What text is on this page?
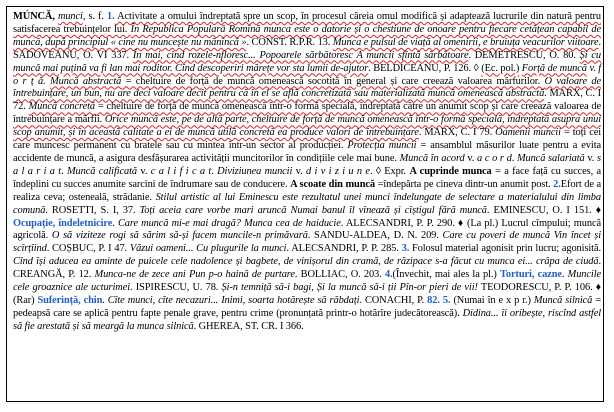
MÚNCĂ, munci, s. f. 1. Activitate a omului îndreptată spre un scop, în procesul căreia omul modifică și adaptează lucrurile din natură pentru satisfacerea trebuințelor lui. În Republica Populară Romînă munca este o datorie și o chestiune de onoare pentru fiecare cetățean capabil de muncă, după principiul « cine nu muncește nu mănîncă ». CONST. R.P.R. 13. Munca e pulsul de viață al omenirii, e bruiuța veacurilor viitoare. SADOVEANU, O. VI 337. În mai, cînd rozele-nfloresc... Popoarele sărbătoresc A muncii sfîntă sărbătoare. DEMETRESCU, O. 80. Și cu muncă mai puțină va fi lan mai roditor. Cînd descoperiri mărețe vor sta lumii de-ajutor. BELDICEANU, P. 126. ◊ (Ec. pol.) Forță de muncă v. f o r ț ă. Muncă abstractă = cheltuire de forță de muncă omenească socotită în general și care creează valoarea mărfurilor. O valoare de întrebuințare, un bun, nu are deci valoare decît pentru că în el se află concretizată sau materializată muncă omenească abstractă. MARX, C. I 72. Muncă concretă = cheltuire de forță de muncă omenească într-o formă specială, îndreptată către un anumit scop și care creează valoarea de întrebuințare a mărfii. Orice muncă este, pe de altă parte, cheltuire de forță de muncă omenească într-o formă specială, îndreptată asupra unui scop anumit, și în această calitate a ei de muncă utilă concretă ea produce valori de întrebuințare. MARX, C. I 79. Oamenii muncii = toți cei care muncesc permanent cu bratele sau cu mintea într-un sector al producției. Protecția muncii = ansamblul măsurilor luate pentru a evita accidente de muncă, a asigura desfășurarea activității muncitorilor în condițiile cele mai bune. Muncă în acord v. a c o r d. Muncă salariată v. s a l a r i a t. Muncă calificată v. c a l i f i c a t. Diviziunea muncii v. d i v i z i u n e. ◊ Expr. A cuprinde munca = a face față cu succes, a îndeplini cu succes anumite sarcini de îndrumare sau de conducere. A scoate din muncă =îndepărta pe cineva dintr-un anumit post. 2.Efort de a realiza ceva; osteneală, strădanie. Stilul artistic al lui Eminescu este rezultatul unei munci îndelungate de selectare a materialului din limba comună. ROSETTI, S. I, 37. Toți aceia care vorbe mari aruncă Numai banul îl vînează și cîștigul fără muncă. EMINESCU, O. I 151. ♦ Ocupație, îndeletnicire. Care muncă mi-e mai dragă? Munca cea de haiducie. ALECSANDRI, P. P. 290. ♦ (La pl.) Lucrul cîmpului; muncă agricolă. O să viziteze rogi să sărim să-și facem muncile-n primăvară. SANDU-ALDEA, D. N. 209. Care cu poveri de muncă Vin încet și scîrțîind. COȘBUC, P. I 47. Văzui oameni... Cu plugurile la munci. ALECSANDRI, P. P. 285. 3. Folosul material agonisit prin lucru; agonisită. Cînd își aducea ea aminte de puicele cele nadolence și bagbete, de vinișorul din cramă, de răzipace s-a făcut cu munca ei... crâpa de ciudă. CREANGĂ, P. 12. Munca-ne de zece ani Pun p-o haină de purtare. BOLLIAC, O. 203. 4.(Învechit, mai ales la pl.) Torturi, cazne. Muncile cele groaznice ale ucturimei. ISPIRESCU, U. 78. Și-n temniță să-i bagi, Și la muncă să-i ții Pîn-or pieri de vii! TEODORESCU, P. P. 106. ♦ (Rar) Suferință, chin. Cîte munci, cîte necazuri... Inimi, soarta hotărește să răbdați. CONACHI, P. 82. 5. (Numai în e x p r.) Muncă silnică = pedeapsă care se aplică pentru fapte penale grave, pentru crime (pronunțată printr-o hotărîre judecătorească). Didina... îi oribește, riscînd astfel să fie arestată și să meargă la munca silnică. GHEREA, ST. CR. I 366.
